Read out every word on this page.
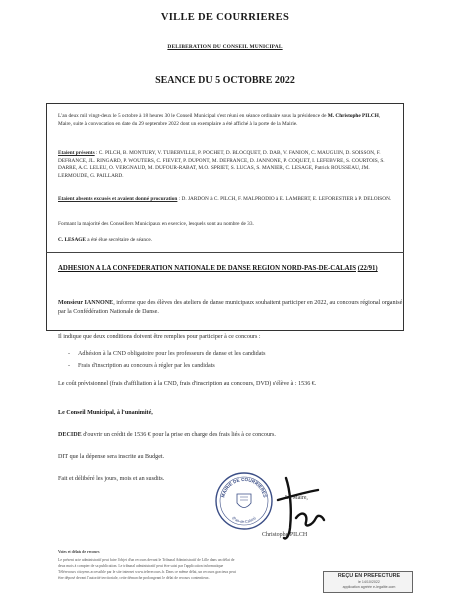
VILLE DE COURRIERES
DELIBERATION DU CONSEIL MUNICIPAL
SEANCE DU 5 OCTOBRE 2022
L'an deux mil vingt-deux le 5 octobre à 18 heures 30 le Conseil Municipal s'est réuni en séance ordinaire sous la présidence de M. Christophe PILCH, Maire, suite à convocation en date du 29 septembre 2022 dont un exemplaire a été affiché à la porte de la Mairie.
Etaient présents : C. PILCH, B. MONTURY, V. TUBERVILLE, P. POCHET, D. BLOCQUET, D. DAB, V. FANION, C. MAUGUIN, D. SOISSON, F. DEFRANCE, JL. RINGARD, P. WOUTERS, C. FIEVET, P. DUPONT, M. DEFRANCE, D. JANNONE, P. COQUET, I. LEFEBVRE, S. COURTOIS, S. DARRE, A.C. LELEU, O. VERGNAUD, M. DUFOUR-RABAT, M.O. SPRIET, S. LUCAS, S. MANIER, C. LESAGE, Patrick ROUSSEAU, JM. LERMOUDE, G. PAILLARD.
Etaient absents excusés et avaient donné procuration : D. JARDON à C. PILCH, F. MALPRODIO à E. LAMBERT, E. LEFORESTIER à P. DELOISON.
Formant la majorité des Conseillers Municipaux en exercice, lesquels sont au nombre de 33.
C. LESAGE a été élue secrétaire de séance.
ADHESION A LA CONFEDERATION NATIONALE DE DANSE REGION NORD-PAS-DE-CALAIS (22/91)
Monsieur IANNONE, informe que des élèves des ateliers de danse municipaux souhaitent participer en 2022, au concours régional organisé par la Confédération Nationale de Danse.
Il indique que deux conditions doivent être remplies pour participer à ce concours :
- Adhésion à la CND obligatoire pour les professeurs de danse et les candidats
- Frais d'inscription au concours à régler par les candidats
Le coût prévisionnel (frais d'affiliation à la CND, frais d'inscription au concours, DVD) s'élève à : 1536 €.
Le Conseil Municipal, à l'unanimité,
DECIDE d'ouvrir un crédit de 1536 € pour la prise en charge des frais liés à ce concours.
DIT que la dépense sera inscrite au Budget.
Fait et délibéré les jours, mois et an susdits.
MAIRIE DE COURRIERES
(Pas-de-Calais)
Le Maire,
Christophe PILCH
Voies et délais de recours
Le présent acte administratif peut faire l'objet d'un recours devant le Tribunal Administratif de Lille dans un délai de
deux mois à compter de sa publication. Le tribunal administratif peut être saisi par l'application informatique
Télérecours citoyens accessible par le site internet www.telerecours.fr. Dans ce même délai, un recours gracieux peut
être déposé devant l'autorité territoriale, cette démarche prolongeant le délai de recours contentieux.	REÇU EN PREFECTURE
le 14/10/2022
application agréée e-legalite.com
